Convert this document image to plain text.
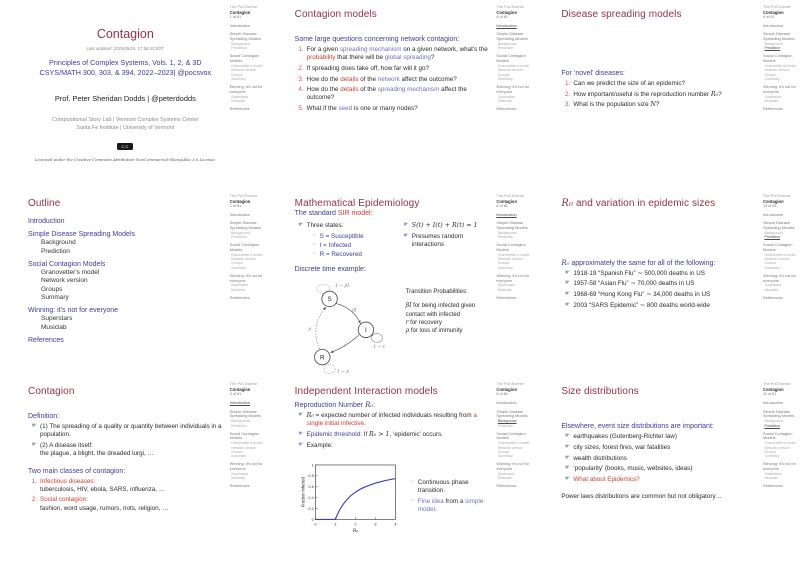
Contagion
Last updated: 2023/05/19, 17:58:42 EDT
Principles of Complex Systems, Vols. 1, 2, & 3D
CSYS/MATH 300, 303, & 394, 2022–2023| @pocsvox
Prof. Peter Sheridan Dodds | @peterdodds
Computational Story Lab | Vermont Complex Systems Center
Santa Fe Institute | University of Vermont
CC
Licensed under the Creative Commons Attribution-NonCommercial-ShareAlike 3.0 License.
The PoCSverse
Contagion
1 of 81
Introduction
Simple Disease Spreading Models
Background
Prediction
Social Contagion Models
Granovetter's model
Network version
Groups
Summary
Winning: it's not for everyone
Superstars
Musiclab
References
Contagion models
Some large questions concerning network contagion:
1. For a given spreading mechanism on a given network, what's the probability that there will be global spreading?
2. If spreading does take off, how far will it go?
3. How do the details of the network affect the outcome?
4. How do the details of the spreading mechanism affect the outcome?
5. What if the seed is one or many nodes?
The PoCSverse
Contagion
4 of 81
Introduction
Simple Disease Spreading Models
Background
Prediction
Social Contagion Models
Granovetter's model
Network version
Groups
Summary
Winning: it's not for everyone
Superstars
Musiclab
References
Disease spreading models
For ‘novel’ diseases:
1. Can we predict the size of an epidemic?
2. How important/useful is the reproduction number R₀?
3. What is the population size N?
The PoCSverse
Contagion
9 of 81
Introduction
Simple Disease Spreading Models
Background
Prediction
Social Contagion Models
Granovetter's model
Network version
Groups
Summary
Winning: it's not for everyone
Superstars
Musiclab
References
Outline
Introduction
Simple Disease Spreading Models
Background
Prediction
Social Contagion Models
Granovetter's model
Network version
Groups
Summary
Winning: it's not for everyone
Superstars
Musiclab
References
The PoCSverse
Contagion
2 of 81
Introduction
Simple Disease Spreading Models
Background
Prediction
Social Contagion Models
Granovetter's model
Network version
Groups
Summary
Winning: it's not for everyone
Superstars
Musiclab
References
Mathematical Epidemiology
The standard SIR model:
☛ Three states:
☞ S = Susceptible
☞ I = Infected
☞ R = Recovered
☛ S(t) + I(t) + R(t) = 1
☛ Presumes random interactions
Discrete time example:
S
I
R
1 − βI
βI
1 − r
r
ρ
1 − ρ
Transition Probabilities:
βI for being infected given contact with infected
r for recovery
ρ for loss of immunity
The PoCSverse
Contagion
6 of 81
Introduction
Simple Disease Spreading Models
Background
Prediction
Social Contagion Models
Granovetter's model
Network version
Groups
Summary
Winning: it's not for everyone
Superstars
Musiclab
References
R₀ and variation in epidemic sizes
R₀ approximately the same for all of the following:
☛ 1918-19 “Spanish Flu” ∼ 500,000 deaths in US
☛ 1957-58 “Asian Flu” ∼ 70,000 deaths in US
☛ 1968-69 “Hong Kong Flu” ∼ 34,000 deaths in US
☛ 2003 “SARS Epidemic” ∼ 800 deaths world-wide
The PoCSverse
Contagion
10 of 81
Introduction
Simple Disease Spreading Models
Background
Prediction
Social Contagion Models
Granovetter's model
Network version
Groups
Summary
Winning: it's not for everyone
Superstars
Musiclab
References
Contagion
Definition:
☛ (1) The spreading of a quality or quantity between individuals in a population.
☛ (2) A disease itself:
the plague, a blight, the dreaded lurgi, …
Two main classes of contagion:
1. Infectious diseases:
tuberculosis, HIV, ebola, SARS, influenza, …
2. Social contagion:
fashion, word usage, rumors, riots, religion, …
The PoCSverse
Contagion
3 of 81
Introduction
Simple Disease Spreading Models
Background
Prediction
Social Contagion Models
Granovetter's model
Network version
Groups
Summary
Winning: it's not for everyone
Superstars
Musiclab
References
Independent Interaction models
Reproduction Number R₀:
☛ R₀ = expected number of infected individuals resulting from a single initial infective.
☛ Epidemic threshold: If R₀ > 1, ‘epidemic’ occurs.
☛ Example:
0	1	2	3	4
0
0.2
0.4
0.6
0.8
1
R₀
Fraction infected	☞ Continuous phase transition.
☞ Fine idea from a simple model.
The PoCSverse
Contagion
8 of 81
Introduction
Simple Disease Spreading Models
Background
Prediction
Social Contagion Models
Granovetter's model
Network version
Groups
Summary
Winning: it's not for everyone
Superstars
Musiclab
References
Size distributions
Elsewhere, event size distributions are important:
☛ earthquakes (Gutenberg-Richter law)
☛ city sizes, forest fires, war fatalities
☛ wealth distributions
☛ ‘popularity’ (books, music, websites, ideas)
☛ What about Epidemics?
Power laws distributions are common but not obligatory…
The PoCSverse
Contagion
11 of 81
Introduction
Simple Disease Spreading Models
Background
Prediction
Social Contagion Models
Granovetter's model
Network version
Groups
Summary
Winning: it's not for everyone
Superstars
Musiclab
References
